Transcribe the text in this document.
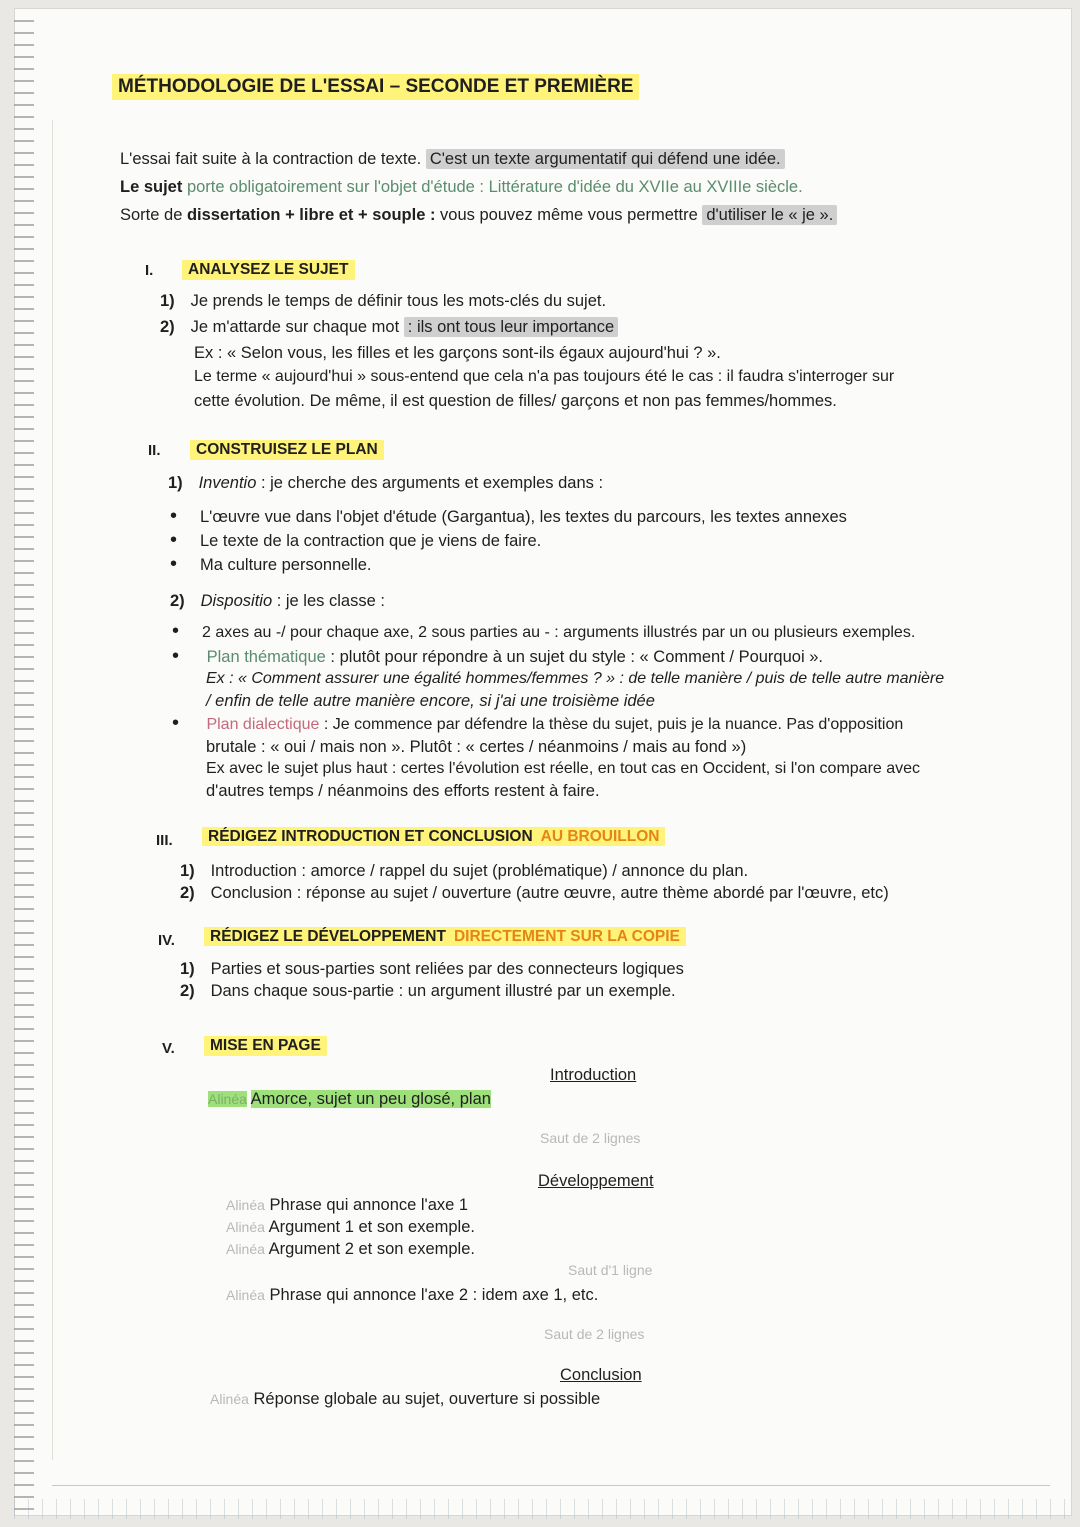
MÉTHODOLOGIE DE L'ESSAI – SECONDE ET PREMIÈRE
L'essai fait suite à la contraction de texte. C'est un texte argumentatif qui défend une idée.
Le sujet porte obligatoirement sur l'objet d'étude : Littérature d'idée du XVIIe au XVIIIe siècle.
Sorte de dissertation + libre et + souple : vous pouvez même vous permettre d'utiliser le « je ».
I.	ANALYSEZ LE SUJET
1) Je prends le temps de définir tous les mots-clés du sujet.
2) Je m'attarde sur chaque mot : ils ont tous leur importance
Ex : « Selon vous, les filles et les garçons sont-ils égaux aujourd'hui ? ».
Le terme « aujourd'hui » sous-entend que cela n'a pas toujours été le cas : il faudra s'interroger sur
cette évolution. De même, il est question de filles/ garçons et non pas femmes/hommes.
II.	CONSTRUISEZ LE PLAN
1) Inventio : je cherche des arguments et exemples dans :
• L'œuvre vue dans l'objet d'étude (Gargantua), les textes du parcours, les textes annexes
• Le texte de la contraction que je viens de faire.
• Ma culture personnelle.
2) Dispositio : je les classe :
• 2 axes au -/ pour chaque axe, 2 sous parties au - : arguments illustrés par un ou plusieurs exemples.
• Plan thématique : plutôt pour répondre à un sujet du style : « Comment / Pourquoi ».
Ex : « Comment assurer une égalité hommes/femmes ? » : de telle manière / puis de telle autre manière
/ enfin de telle autre manière encore, si j'ai une troisième idée
• Plan dialectique : Je commence par défendre la thèse du sujet, puis je la nuance. Pas d'opposition
brutale : « oui / mais non ». Plutôt : « certes / néanmoins / mais au fond »)
Ex avec le sujet plus haut : certes l'évolution est réelle, en tout cas en Occident, si l'on compare avec
d'autres temps / néanmoins des efforts restent à faire.
III.	RÉDIGEZ INTRODUCTION ET CONCLUSION AU BROUILLON
1) Introduction : amorce / rappel du sujet (problématique) / annonce du plan.
2) Conclusion : réponse au sujet / ouverture (autre œuvre, autre thème abordé par l'œuvre, etc)
IV.	RÉDIGEZ LE DÉVELOPPEMENT DIRECTEMENT SUR LA COPIE
1) Parties et sous-parties sont reliées par des connecteurs logiques
2) Dans chaque sous-partie : un argument illustré par un exemple.
V.	MISE EN PAGE
Introduction
Alinéa Amorce, sujet un peu glosé, plan
Saut de 2 lignes
Développement
Alinéa Phrase qui annonce l'axe 1
Alinéa Argument 1 et son exemple.
Alinéa Argument 2 et son exemple.
Saut d'1 ligne
Alinéa Phrase qui annonce l'axe 2 : idem axe 1, etc.
Saut de 2 lignes
Conclusion
Alinéa Réponse globale au sujet, ouverture si possible
